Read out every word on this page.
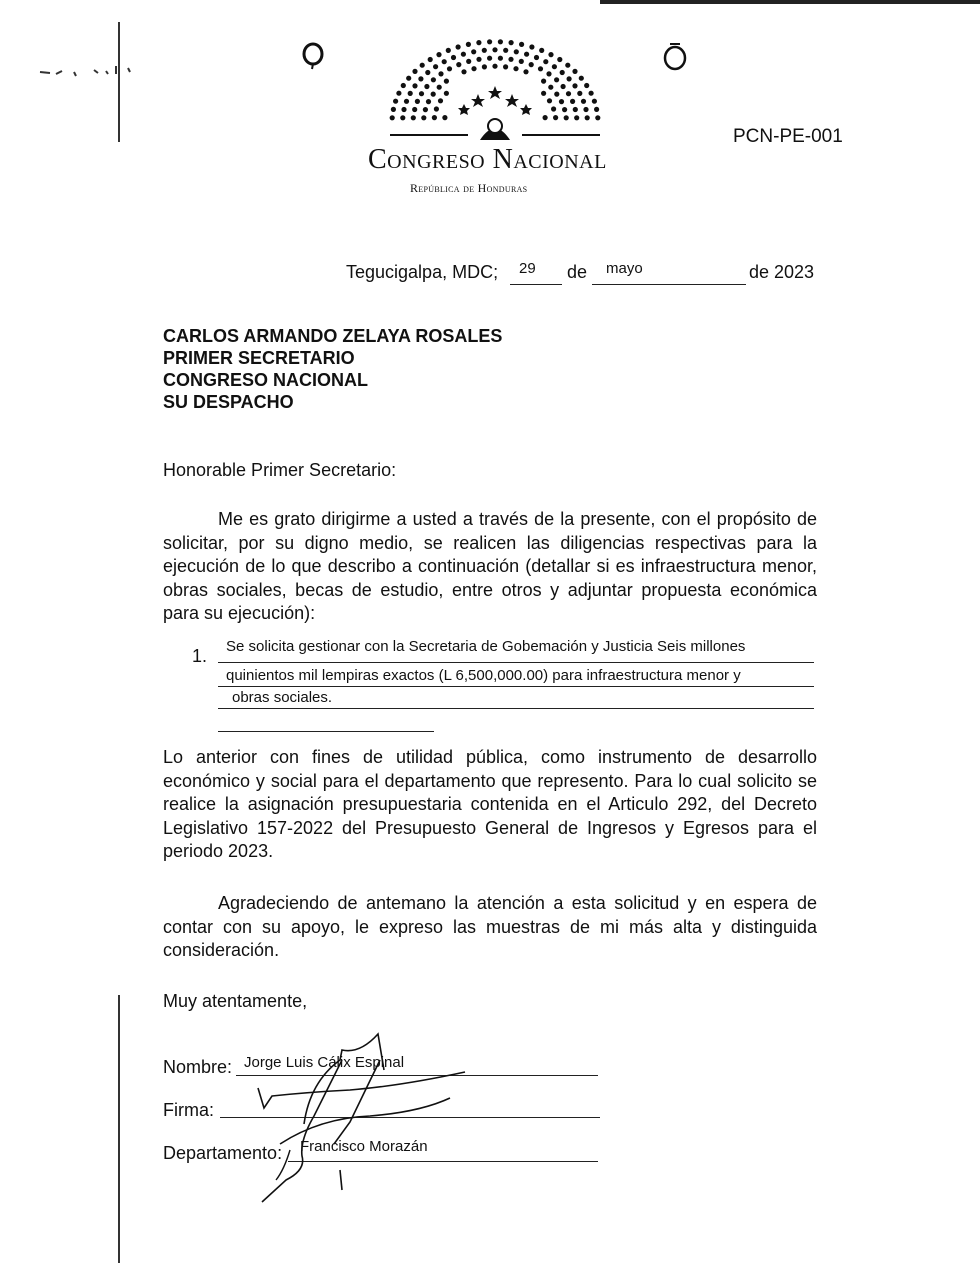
Congreso Nacional
República de Honduras
PCN-PE-001
Tegucigalpa, MDC; 29 de mayo	de 2023
CARLOS ARMANDO ZELAYA ROSALES
PRIMER SECRETARIO
CONGRESO NACIONAL
SU DESPACHO
Honorable Primer Secretario:
Me es grato dirigirme a usted a través de la presente, con el propósito de
solicitar, por su digno medio, se realicen las diligencias respectivas para la
ejecución de lo que describo a continuación (detallar si es infraestructura menor,
obras sociales, becas de estudio, entre otros y adjuntar propuesta económica
para su ejecución):
1. Se solicita gestionar con la Secretaria de Gobemación y Justicia Seis millones
quinientos mil lempiras exactos (L 6,500,000.00) para infraestructura menor y
obras sociales.
Lo anterior con fines de utilidad pública, como instrumento de desarrollo
económico y social para el departamento que represento. Para lo cual solicito se
realice la asignación presupuestaria contenida en el Articulo 292, del Decreto
Legislativo 157-2022 del Presupuesto General de Ingresos y Egresos para el
periodo 2023.
Agradeciendo de antemano la atención a esta solicitud y en espera de
contar con su apoyo, le expreso las muestras de mi más alta y distinguida
consideración.
Muy atentamente,
Nombre: Jorge Luis Cálix Espinal
Firma:
Departamento: Francisco Morazán
